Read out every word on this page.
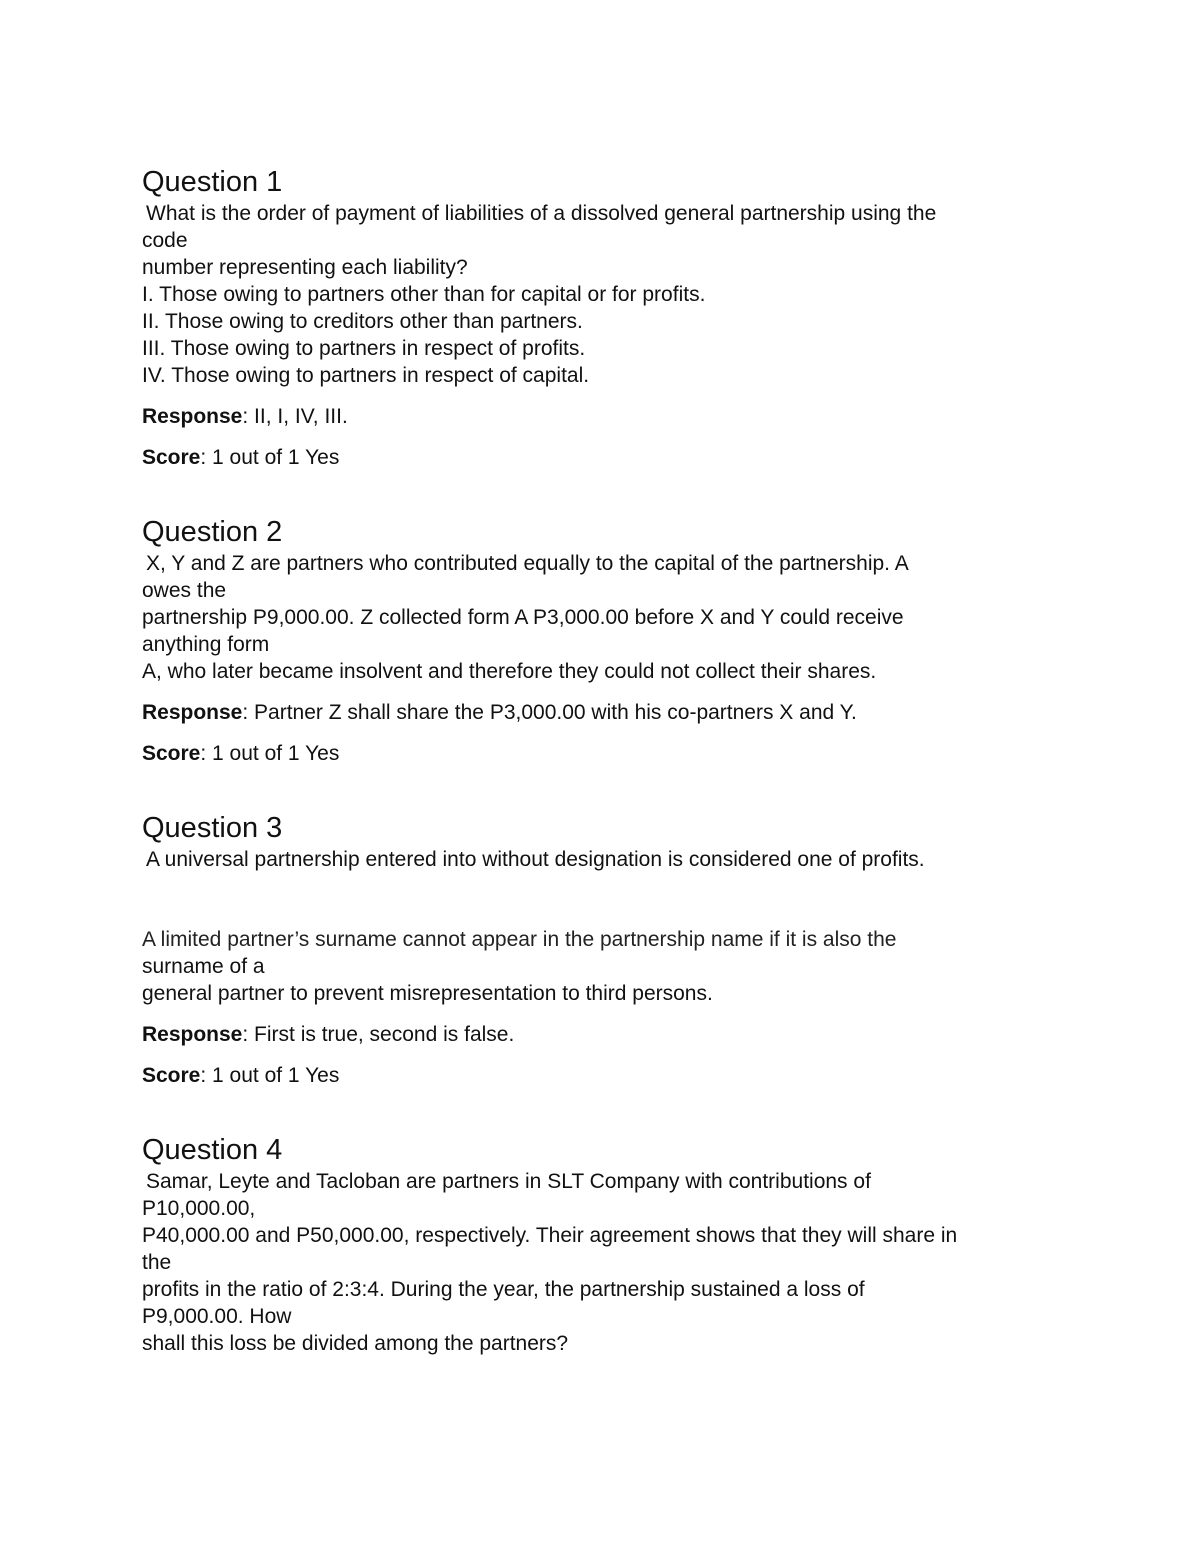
Question 1

What is the order of payment of liabilities of a dissolved general partnership using the

code

number representing each liability?

I. Those owing to partners other than for capital or for profits.

II. Those owing to creditors other than partners.

III. Those owing to partners in respect of profits.

IV. Those owing to partners in respect of capital.

Response: II, I, IV, III.

Score: 1 out of 1 Yes

Question 2

X, Y and Z are partners who contributed equally to the capital of the partnership. A

owes the

partnership P9,000.00. Z collected form A P3,000.00 before X and Y could receive

anything form

A, who later became insolvent and therefore they could not collect their shares.

Response: Partner Z shall share the P3,000.00 with his co-partners X and Y.

Score: 1 out of 1 Yes

Question 3

A universal partnership entered into without designation is considered one of profits.

A limited partner’s surname cannot appear in the partnership name if it is also the

surname of a

general partner to prevent misrepresentation to third persons.

Response: First is true, second is false.

Score: 1 out of 1 Yes

Question 4

Samar, Leyte and Tacloban are partners in SLT Company with contributions of

P10,000.00,

P40,000.00 and P50,000.00, respectively. Their agreement shows that they will share in

the

profits in the ratio of 2:3:4. During the year, the partnership sustained a loss of

P9,000.00. How

shall this loss be divided among the partners?
